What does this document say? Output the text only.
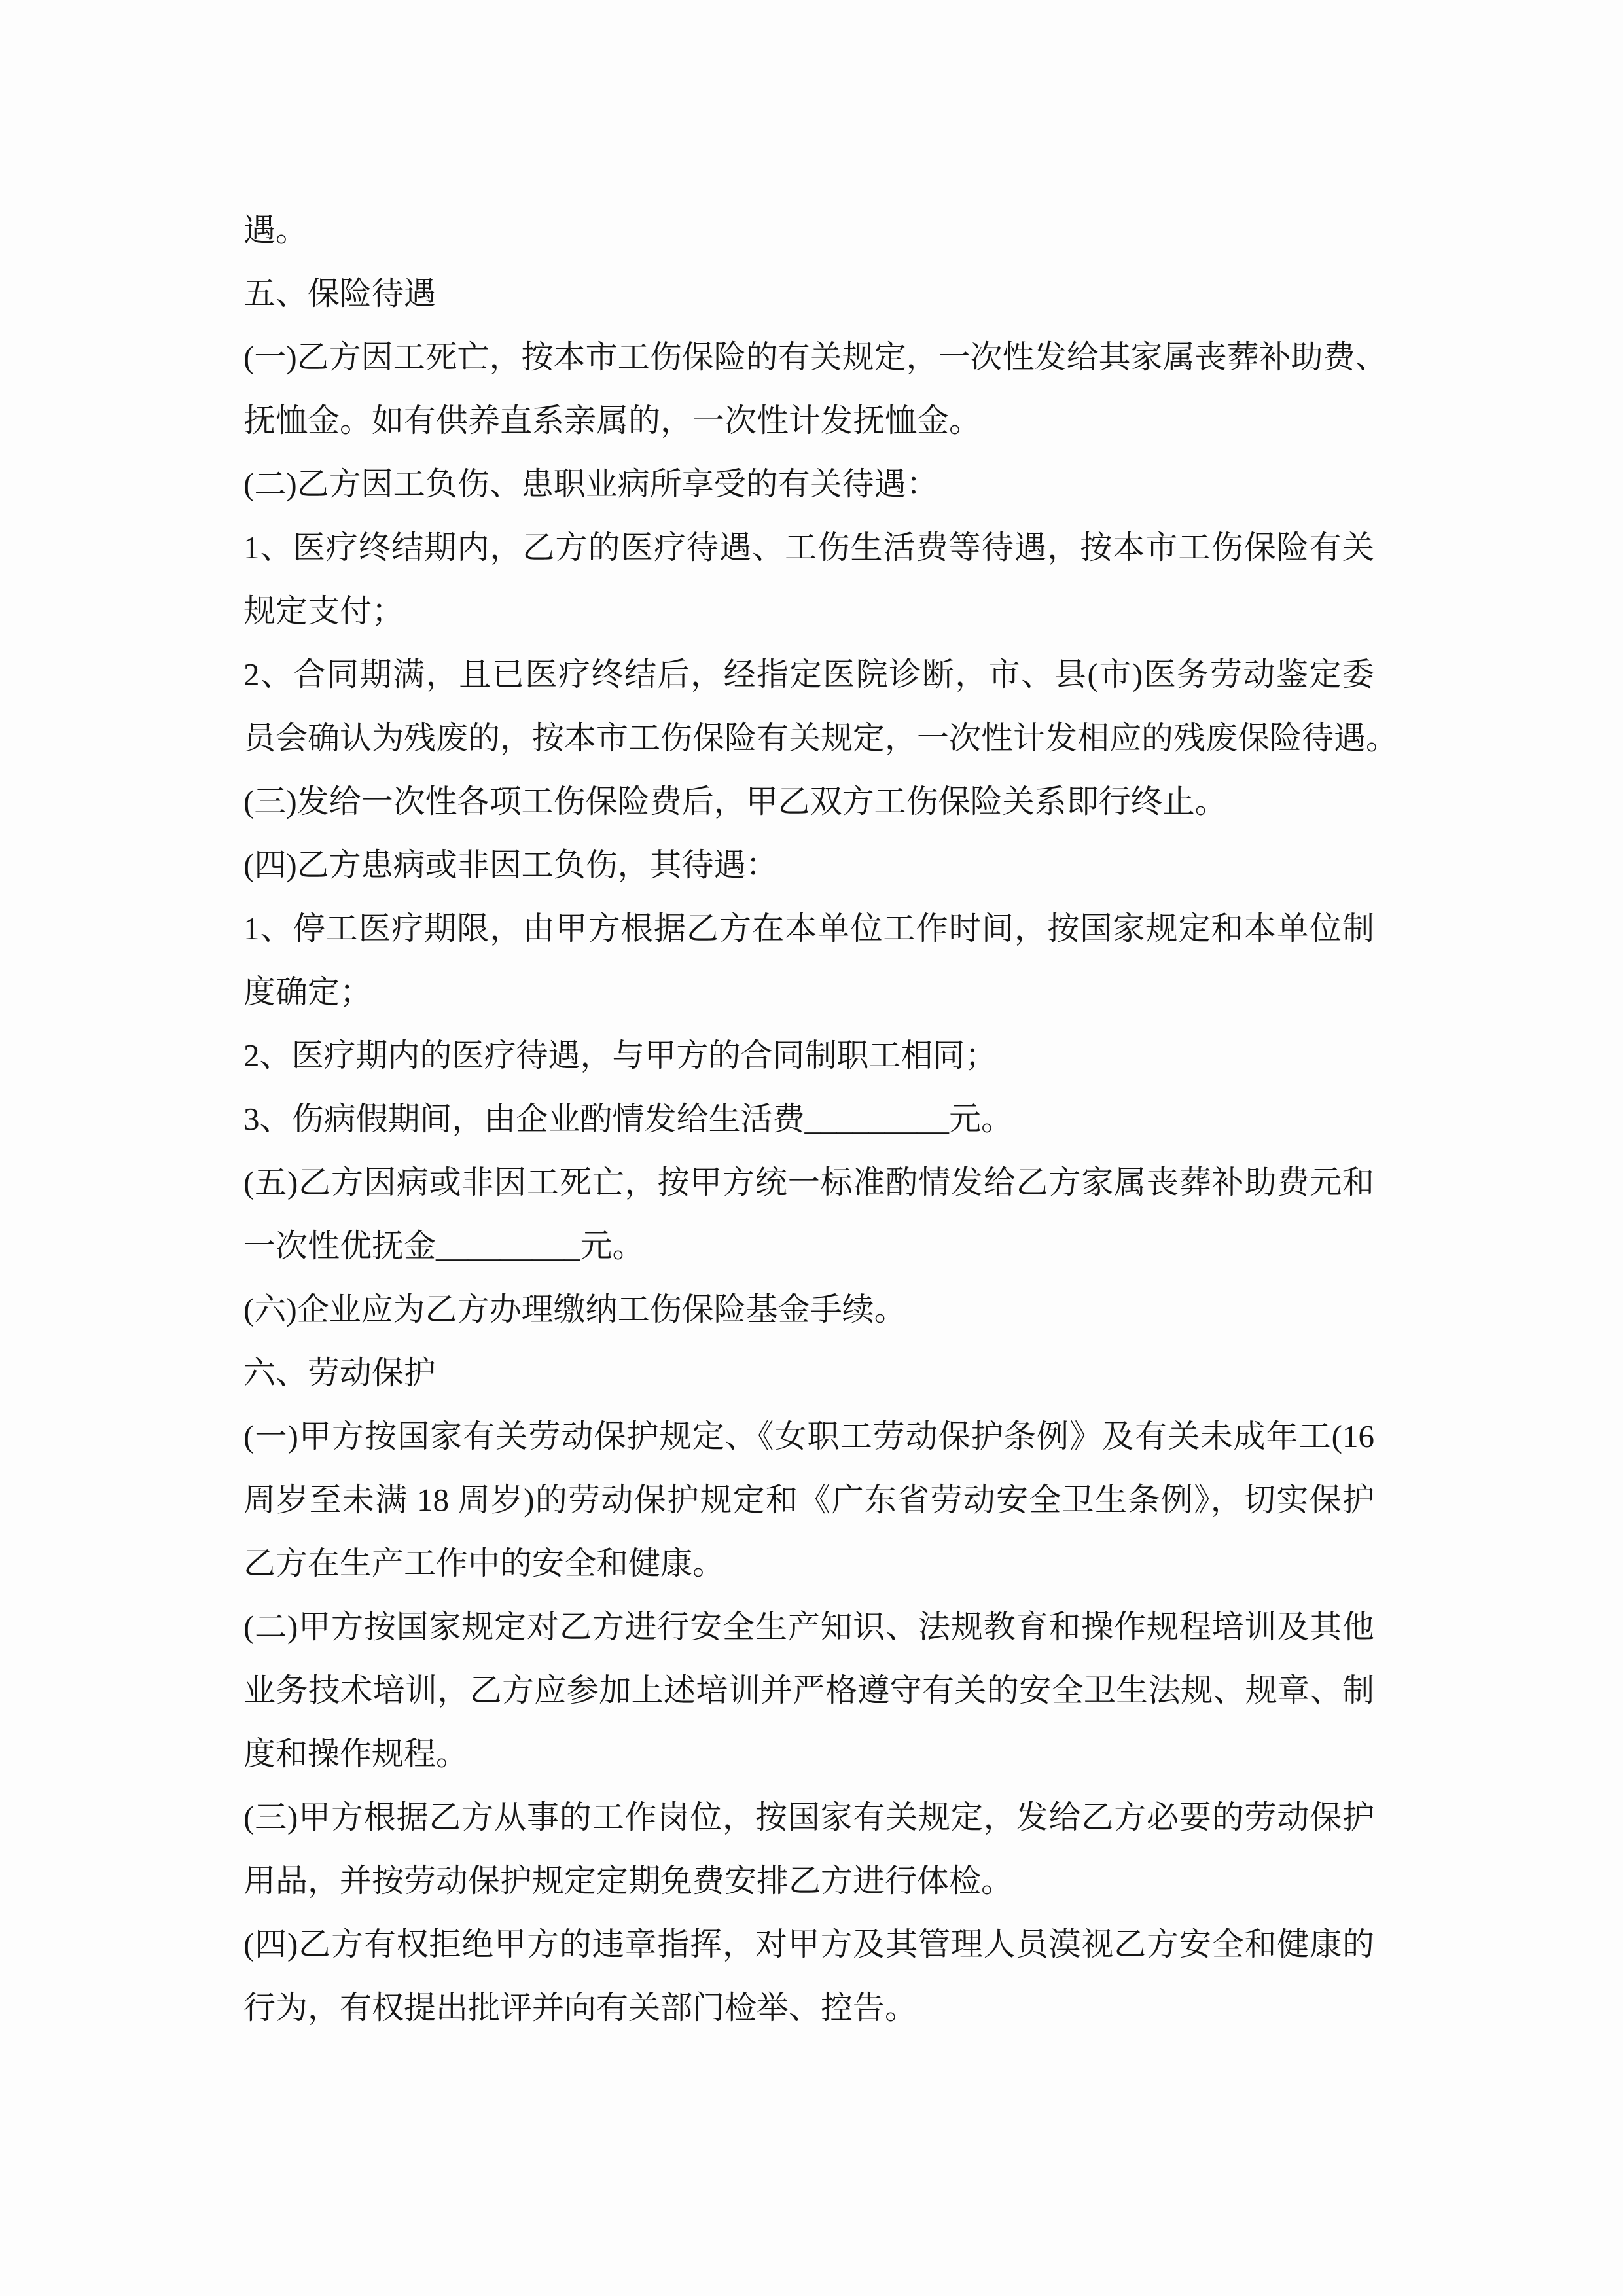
遇。
五、保险待遇
(一)乙方因工死亡，按本市工伤保险的有关规定，一次性发给其家属丧葬补助费、
抚恤金。如有供养直系亲属的，一次性计发抚恤金。
(二)乙方因工负伤、患职业病所享受的有关待遇：
1、医疗终结期内，乙方的医疗待遇、工伤生活费等待遇，按本市工伤保险有关
规定支付；
2、合同期满，且已医疗终结后，经指定医院诊断，市、县(市)医务劳动鉴定委
员会确认为残废的，按本市工伤保险有关规定，一次性计发相应的残废保险待遇。
(三)发给一次性各项工伤保险费后，甲乙双方工伤保险关系即行终止。
(四)乙方患病或非因工负伤，其待遇：
1、停工医疗期限，由甲方根据乙方在本单位工作时间，按国家规定和本单位制
度确定；
2、医疗期内的医疗待遇，与甲方的合同制职工相同；
3、伤病假期间，由企业酌情发给生活费_________元。
(五)乙方因病或非因工死亡，按甲方统一标准酌情发给乙方家属丧葬补助费元和
一次性优抚金_________元。
(六)企业应为乙方办理缴纳工伤保险基金手续。
六、劳动保护
(一)甲方按国家有关劳动保护规定、《女职工劳动保护条例》及有关未成年工(16
周岁至未满 18 周岁)的劳动保护规定和《广东省劳动安全卫生条例》，切实保护
乙方在生产工作中的安全和健康。
(二)甲方按国家规定对乙方进行安全生产知识、法规教育和操作规程培训及其他
业务技术培训，乙方应参加上述培训并严格遵守有关的安全卫生法规、规章、制
度和操作规程。
(三)甲方根据乙方从事的工作岗位，按国家有关规定，发给乙方必要的劳动保护
用品，并按劳动保护规定定期免费安排乙方进行体检。
(四)乙方有权拒绝甲方的违章指挥，对甲方及其管理人员漠视乙方安全和健康的
行为，有权提出批评并向有关部门检举、控告。
